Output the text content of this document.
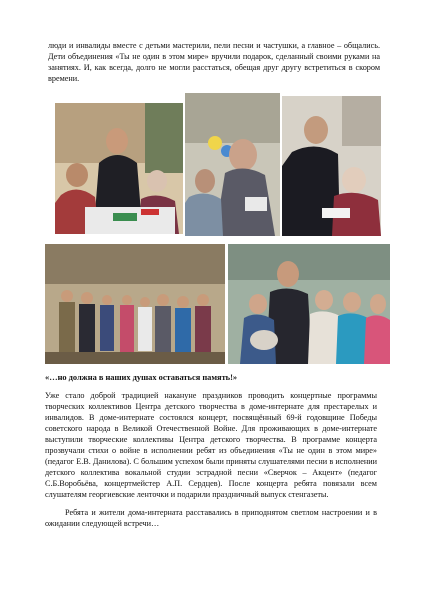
люди и инвалиды вместе с детьми мастерили, пели песни и частушки, а главное – общались. Дети объединения «Ты не один в этом мире» вручили подарок, сделанный своими руками на занятиях. И, как всегда, долго не могли расстаться, обещая друг другу встретиться в скором времени.

«…но должна в наших душах оставаться память!»

Уже стало доброй традицией накануне праздников проводить концертные программы творческих коллективов Центра детского творчества в доме-интернате для престарелых и инвалидов. В доме-интернате состоялся концерт, посвящённый 69-й годовщине Победы советского народа в Великой Отечественной Войне. Для проживающих в доме-интернате выступили творческие коллективы Центра детского творчества. В программе концерта прозвучали стихи о войне в исполнении ребят из объединения «Ты не один в этом мире» (педагог Е.В. Данилова). С большим успехом были приняты слушателями песни в исполнении детского коллектива вокальной студии эстрадной песни «Сверчок – Акцент» (педагог С.Б.Воробьёва, концертмейстер А.П. Сердцев). После концерта ребята повязали всем слушателям георгиевские ленточки и подарили праздничный выпуск стенгазеты.

Ребята и жители дома-интерната расставались в приподнятом светлом настроении и в ожидании следующей встречи…
